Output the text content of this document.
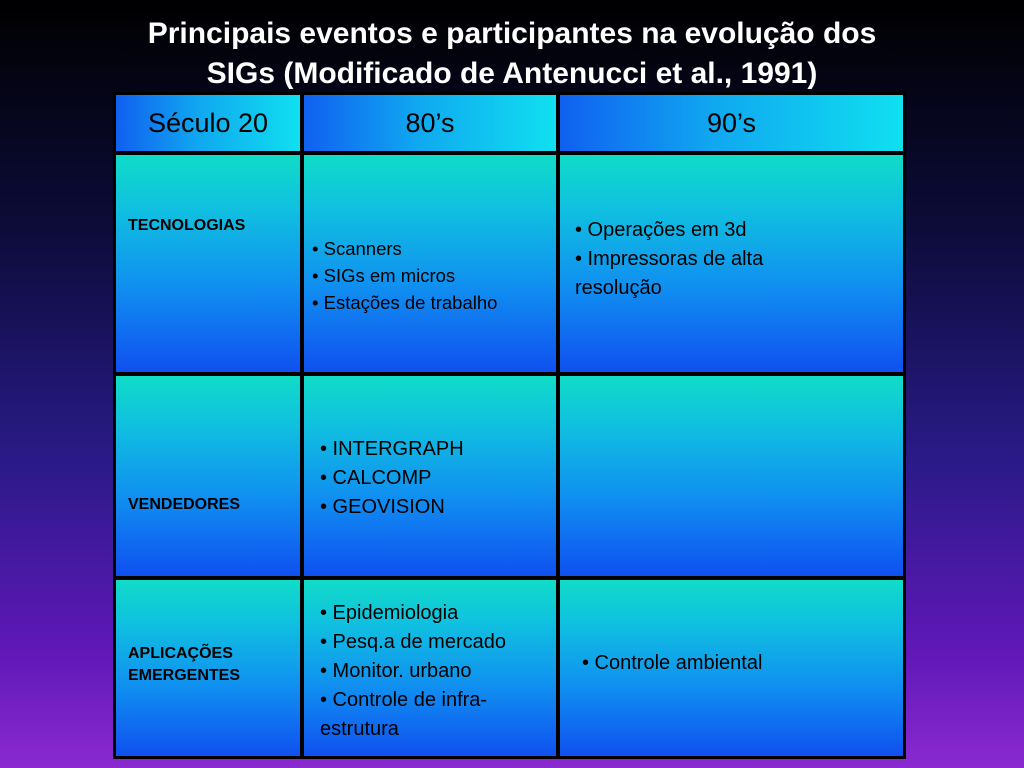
Principais eventos e participantes na evolução dos
SIGs (Modificado de Antenucci et al., 1991)
Século 20	80’s	90’s
TECNOLOGIAS
• Scanners
• SIGs em micros
• Estações de trabalho
• Operações em 3d
• Impressoras de alta
resolução
VENDEDORES
• INTERGRAPH
• CALCOMP
• GEOVISION
APLICAÇÕES
EMERGENTES
• Epidemiologia
• Pesq.a de mercado
• Monitor. urbano
• Controle de infra-
estrutura
• Controle ambiental
